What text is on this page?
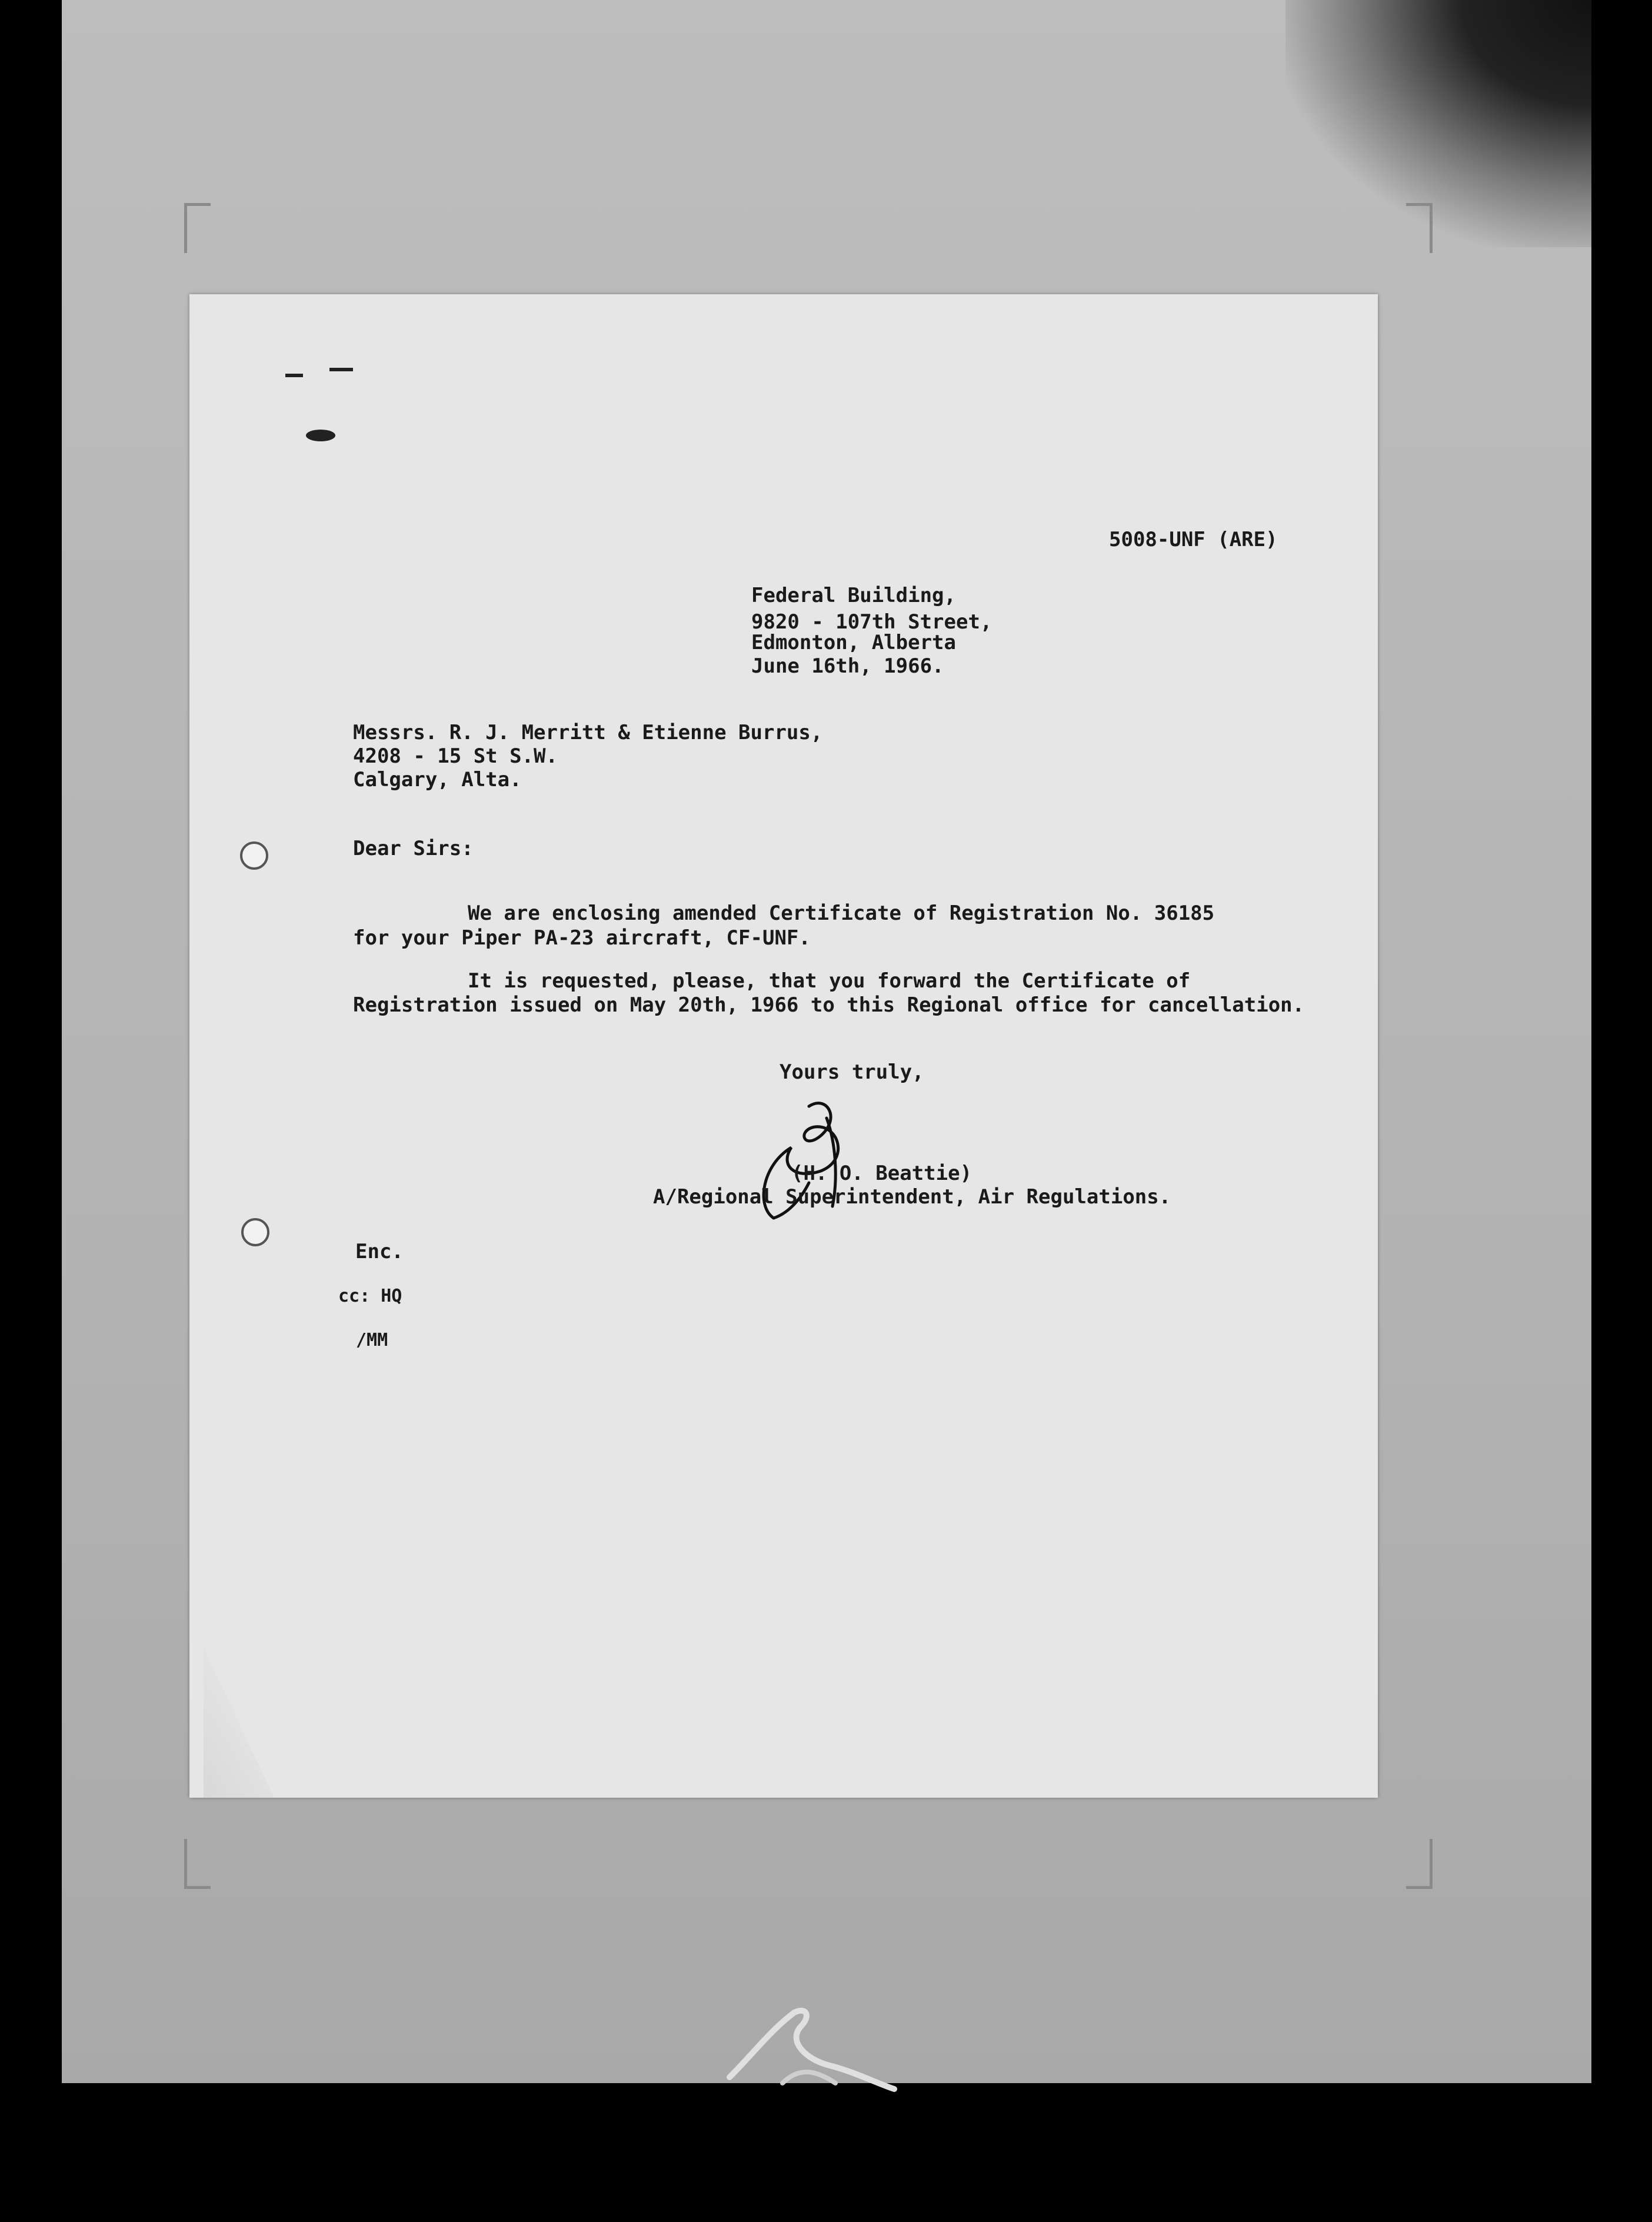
5008-UNF (ARE)
Federal Building,
9820 - 107th Street,
Edmonton, Alberta
June 16th, 1966.
Messrs. R. J. Merritt & Etienne Burrus,
4208 - 15 St S.W.
Calgary, Alta.
Dear Sirs:
We are enclosing amended Certificate of Registration No. 36185
for your Piper PA-23 aircraft, CF-UNF.
It is requested, please, that you forward the Certificate of
Registration issued on May 20th, 1966 to this Regional office for cancellation.
Yours truly,
(H. O. Beattie)
A/Regional Superintendent, Air Regulations.
Enc.
cc: HQ
/MM
